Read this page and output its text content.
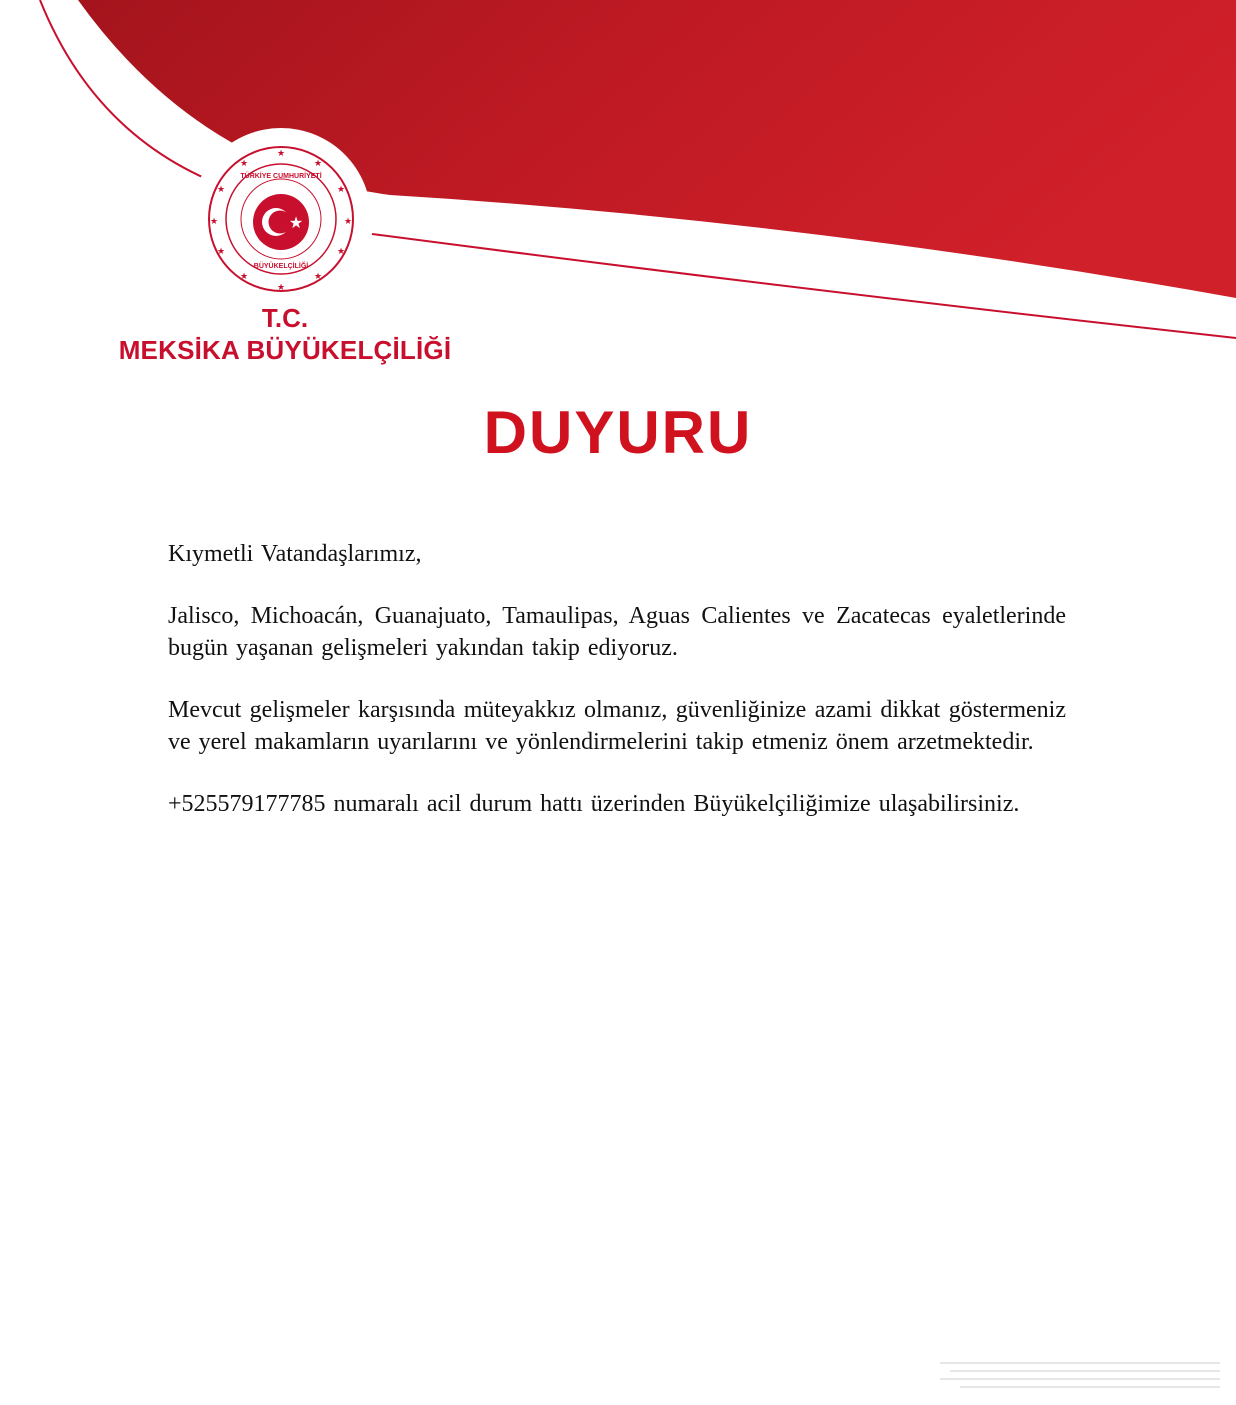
★
★
★
★
★
★
★
★
★
★
★
★
★
TÜRKİYE CUMHURİYETİ
BÜYÜKELÇİLİĞİ
T.C.
MEKSİKA BÜYÜKELÇİLİĞİ
DUYURU

Kıymetli Vatandaşlarımız,

Jalisco, Michoacán, Guanajuato, Tamaulipas, Aguas Calientes ve Zacatecas eyaletlerinde bugün yaşanan gelişmeleri yakından takip ediyoruz.

Mevcut gelişmeler karşısında müteyakkız olmanız, güvenliğinize azami dikkat göstermeniz ve yerel makamların uyarılarını ve yönlendirmelerini takip etmeniz önem arzetmektedir.

+525579177785 numaralı acil durum hattı üzerinden Büyükelçiliğimize ulaşabilirsiniz.
